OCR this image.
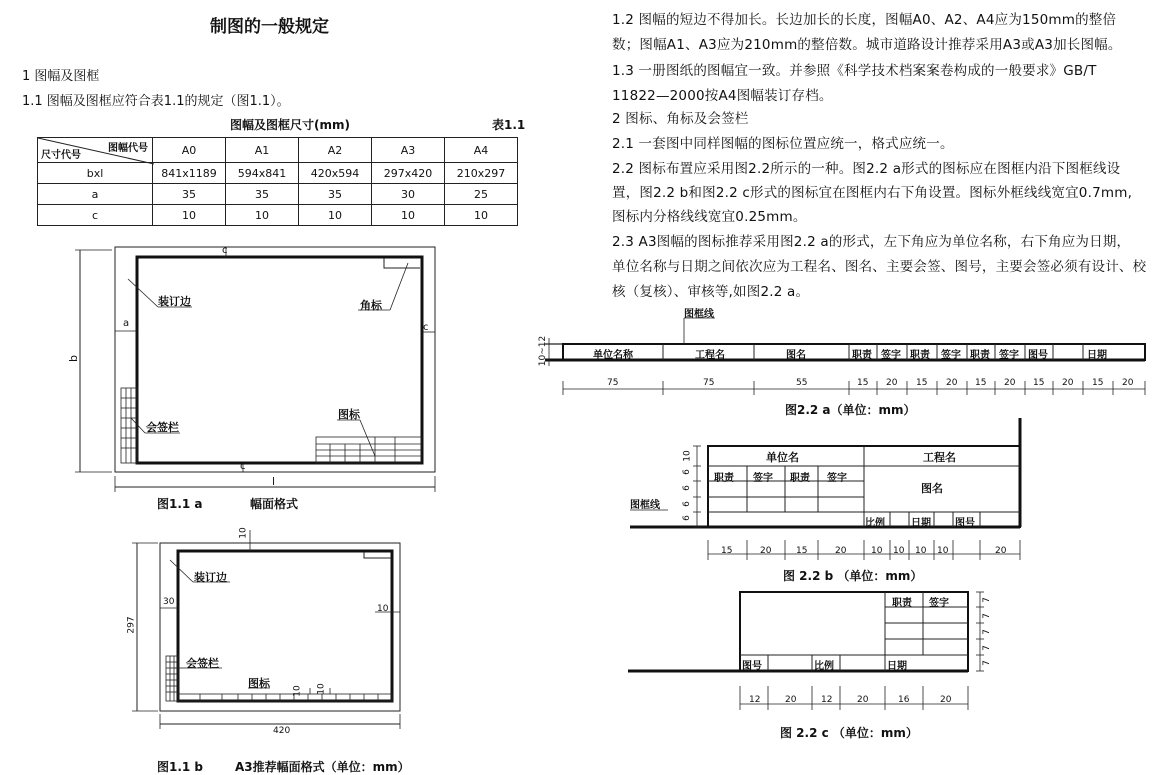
制图的一般规定
1 图幅及图框
1.1 图幅及图框应符合表1.1的规定（图1.1）。
图幅及图框尺寸(mm)	表1.1
图幅代号
尺寸代号	A0	A1	A2	A3	A4
bxl	841x1189	594x841	420x594	297x420	210x297
a	35	35	35	30	25
c	10	10	10	10	10
b
l
a
c
c
c
装订边	角标
会签栏
图标
图1.1 a	幅面格式
10
30
10
297
420
10 10
装订边
会签栏
图标
图1.1 b	A3推荐幅面格式（单位：mm）
1.2 图幅的短边不得加长。长边加长的长度，图幅A0、A2、A4应为150mm的整倍
数；图幅A1、A3应为210mm的整倍数。城市道路设计推荐采用A3或A3加长图幅。
1.3 一册图纸的图幅宜一致。并参照《科学技术档案案卷构成的一般要求》GB/T
11822—2000按A4图幅装订存档。
2 图标、角标及会签栏
2.1 一套图中同样图幅的图标位置应统一，格式应统一。
2.2 图标布置应采用图2.2所示的一种。图2.2 a形式的图标应在图框内沿下图框线设
置，图2.2 b和图2.2 c形式的图标宜在图框内右下角设置。图标外框线线宽宜0.7mm,
图标内分格线线宽宜0.25mm。
2.3 A3图幅的图标推荐采用图2.2 a的形式，左下角应为单位名称，右下角应为日期，
单位名称与日期之间依次应为工程名、图名、主要会签、图号，主要会签必须有设计、校
核（复核）、审核等,如图2.2 a。
图框线
10~12	单位名称	工程名	图名	职责 签字 职责 签字 职责 签字 图号	日期
75	75	55	15 20 15 20 15 20 15 20 15 20
图2.2 a（单位：mm）
单位名	工程名
图名
职责 签字 职责 签字
比例	日期 图号
图框线
10
6
6
6
6
15	20	15	20	10 10 10 10	20
图 2.2 b （单位：mm）
职责 签字
图号	比例	日期
7
7
7
7
7
12	20	12	20	16	20
图 2.2 c （单位：mm）
